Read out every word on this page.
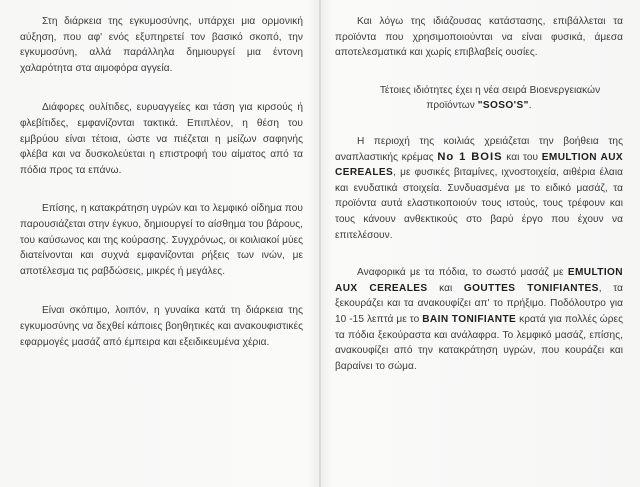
Στη διάρκεια της εγκυμοσύνης, υπάρχει μια ορμονική αύξηση, που αφ' ενός εξυπηρετεί τον βασικό σκοπό, την εγκυμοσύνη, αλλά παράλληλα δημιουργεί μια έντονη χαλαρότητα στα αιμοφόρα αγγεία.

Διάφορες ουλίτιδες, ευρυαγγείες και τάση για κιρσούς ή φλεβίτιδες, εμφανίζονται τακτικά. Επιπλέον, η θέση του εμβρύου είναι τέτοια, ώστε να πιέζεται η μείζων σαφηνής φλέβα και να δυσκολεύεται η επιστροφή του αίματος από τα πόδια προς τα επάνω.

Επίσης, η κατακράτηση υγρών και το λεμφικό οίδημα που παρουσιάζεται στην έγκυο, δημιουργεί το αίσθημα του βάρους, του καύσωνος και της κούρασης. Συγχρόνως, οι κοιλιακοί μύες διατείνονται και συχνά εμφανίζονται ρήξεις των ινών, με αποτέλεσμα τις ραβδώσεις, μικρές ή μεγάλες.

Είναι σκόπιμο, λοιπόν, η γυναίκα κατά τη διάρκεια της εγκυμοσύνης να δεχθεί κάποιες βοηθητικές και ανακουφιστικές εφαρμογές μασάζ από έμπειρα και εξειδικευμένα χέρια.

Και λόγω της ιδιάζουσας κατάστασης, επιβάλλεται τα προϊόντα που χρησιμοποιούνται να είναι φυσικά, άμεσα αποτελεσματικά και χωρίς επιβλαβείς ουσίες.

Τέτοιες ιδιότητες έχει η νέα σειρά Βιοενεργειακών προϊόντων "SOSO'S".

Η περιοχή της κοιλιάς χρειάζεται την βοήθεια της αναπλαστικής κρέμας Νο 1 BOIS και του EMULTION AUX CEREALES, με φυσικές βιταμίνες, ιχνοστοιχεία, αιθέρια έλαια και ενυδατικά στοιχεία. Συνδυασμένα με το ειδικό μασάζ, τα προϊόντα αυτά ελαστικοποιούν τους ιστούς, τους τρέφουν και τους κάνουν ανθεκτικούς στο βαρύ έργο που έχουν να επιτελέσουν.

Αναφορικά με τα πόδια, το σωστό μασάζ με EMULTION AUX CEREALES και GOUTTES TONIFIANTES, τα ξεκουράζει και τα ανακουφίζει απ' το πρήξιμο. Ποδόλουτρο για 10 -15 λεπτά με το BAIN TONIFIANTE κρατά για πολλές ώρες τα πόδια ξεκούραστα και ανάλαφρα. Το λεμφικό μασάζ, επίσης, ανακουφίζει από την κατακράτηση υγρών, που κουράζει και βαραίνει το σώμα.
